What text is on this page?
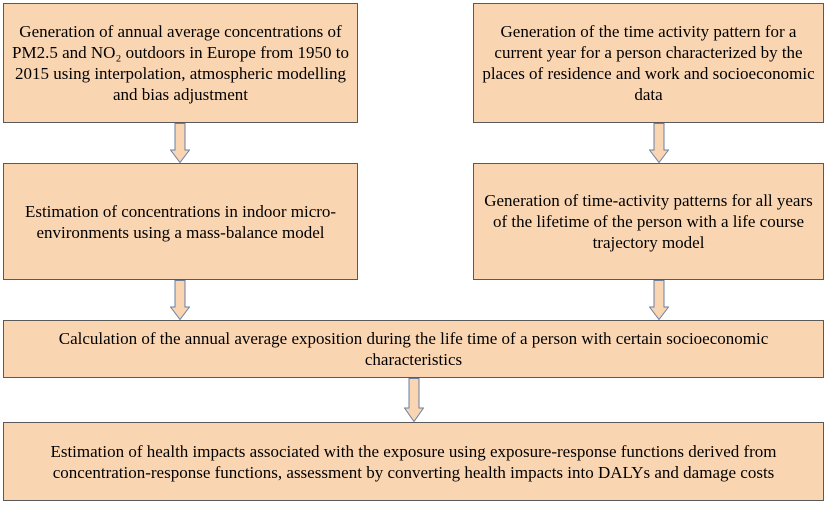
Generation of annual average concentrations of PM2.5 and NO₂ outdoors in Europe from 1950 to 2015 using interpolation, atmospheric modelling and bias adjustment
Generation of the time activity pattern for a current year for a person characterized by the places of residence and work and socioeconomic data
Estimation of concentrations in indoor micro-environments using a mass-balance model
Generation of time-activity patterns for all years of the lifetime of the person with a life course trajectory model
Calculation of the annual average exposition during the life time of a person with certain socioeconomic characteristics
Estimation of health impacts associated with the exposure using exposure-response functions derived from concentration-response functions, assessment by converting health impacts into DALYs and damage costs
